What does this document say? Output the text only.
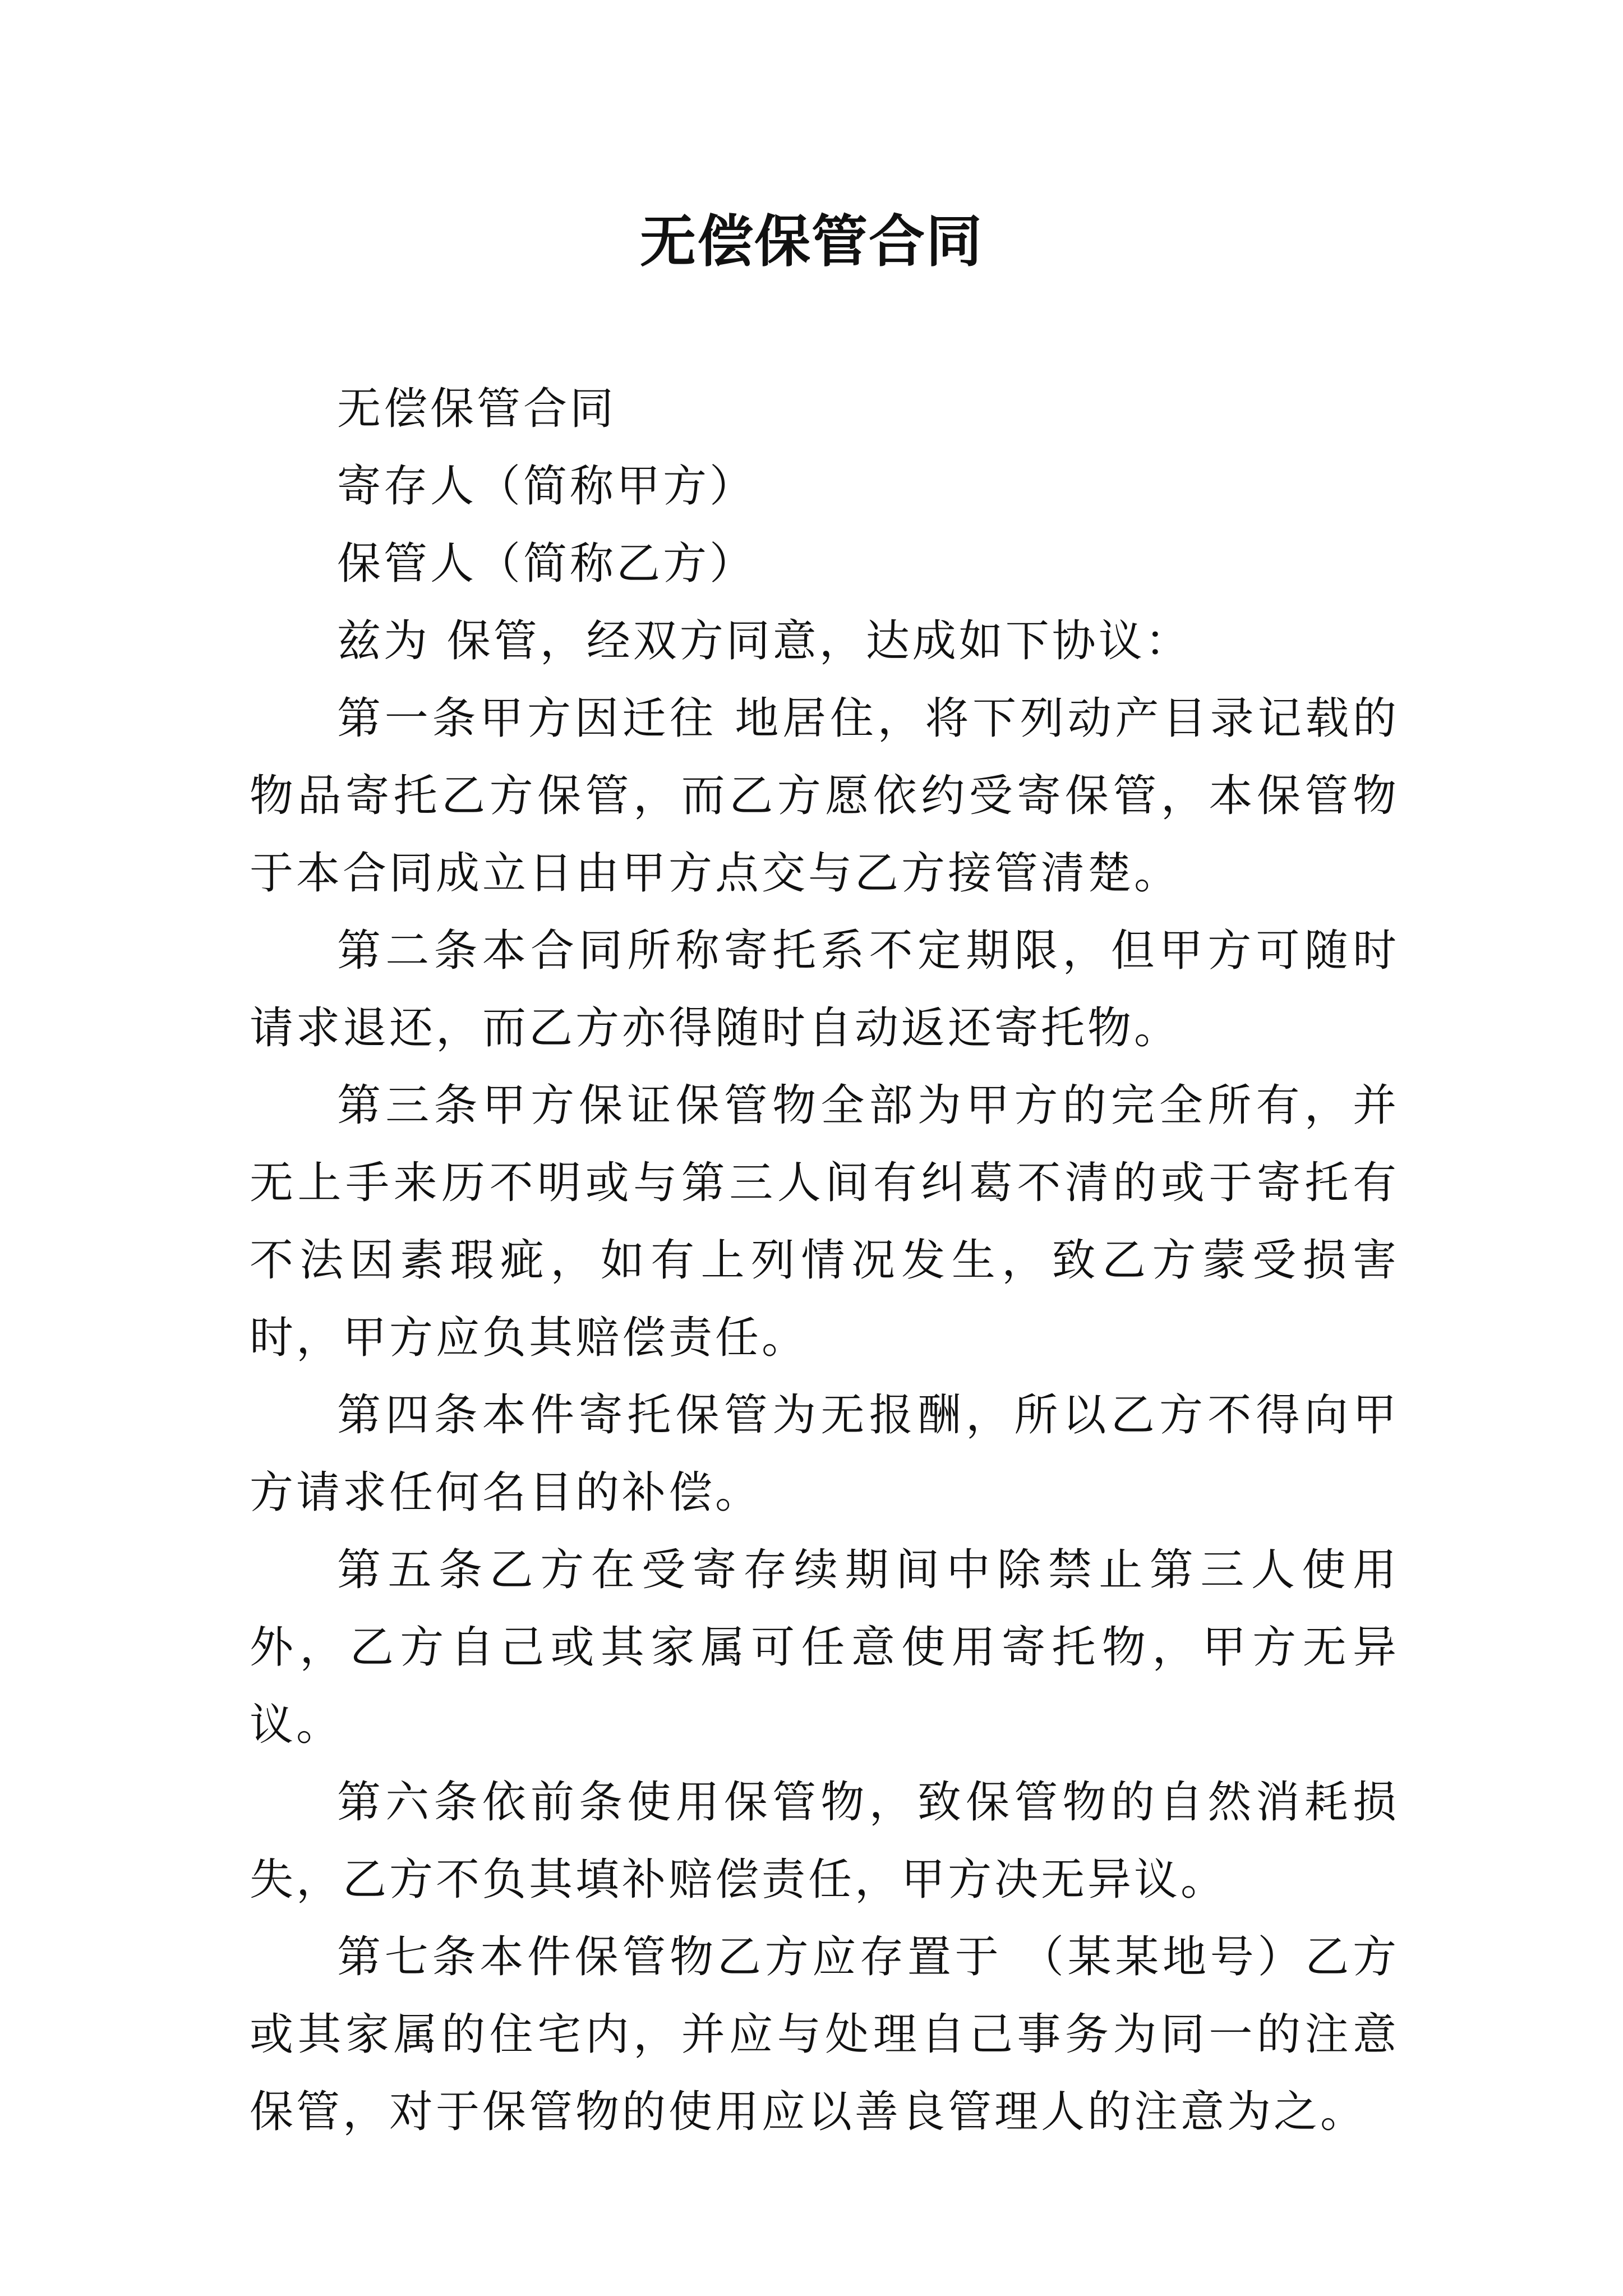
无偿保管合同

无偿保管合同

寄存人（简称甲方）

保管人（简称乙方）

兹为 保管，经双方同意，达成如下协议：

第一条甲方因迁往 地居住，将下列动产目录记载的物品寄托乙方保管，而乙方愿依约受寄保管，本保管物于本合同成立日由甲方点交与乙方接管清楚。

第二条本合同所称寄托系不定期限，但甲方可随时请求退还，而乙方亦得随时自动返还寄托物。

第三条甲方保证保管物全部为甲方的完全所有，并无上手来历不明或与第三人间有纠葛不清的或于寄托有不法因素瑕疵，如有上列情况发生，致乙方蒙受损害时，甲方应负其赔偿责任。

第四条本件寄托保管为无报酬，所以乙方不得向甲方请求任何名目的补偿。

第五条乙方在受寄存续期间中除禁止第三人使用外，乙方自己或其家属可任意使用寄托物，甲方无异议。

第六条依前条使用保管物，致保管物的自然消耗损失，乙方不负其填补赔偿责任，甲方决无异议。

第七条本件保管物乙方应存置于 （某某地号）乙方或其家属的住宅内，并应与处理自己事务为同一的注意保管，对于保管物的使用应以善良管理人的注意为之。
